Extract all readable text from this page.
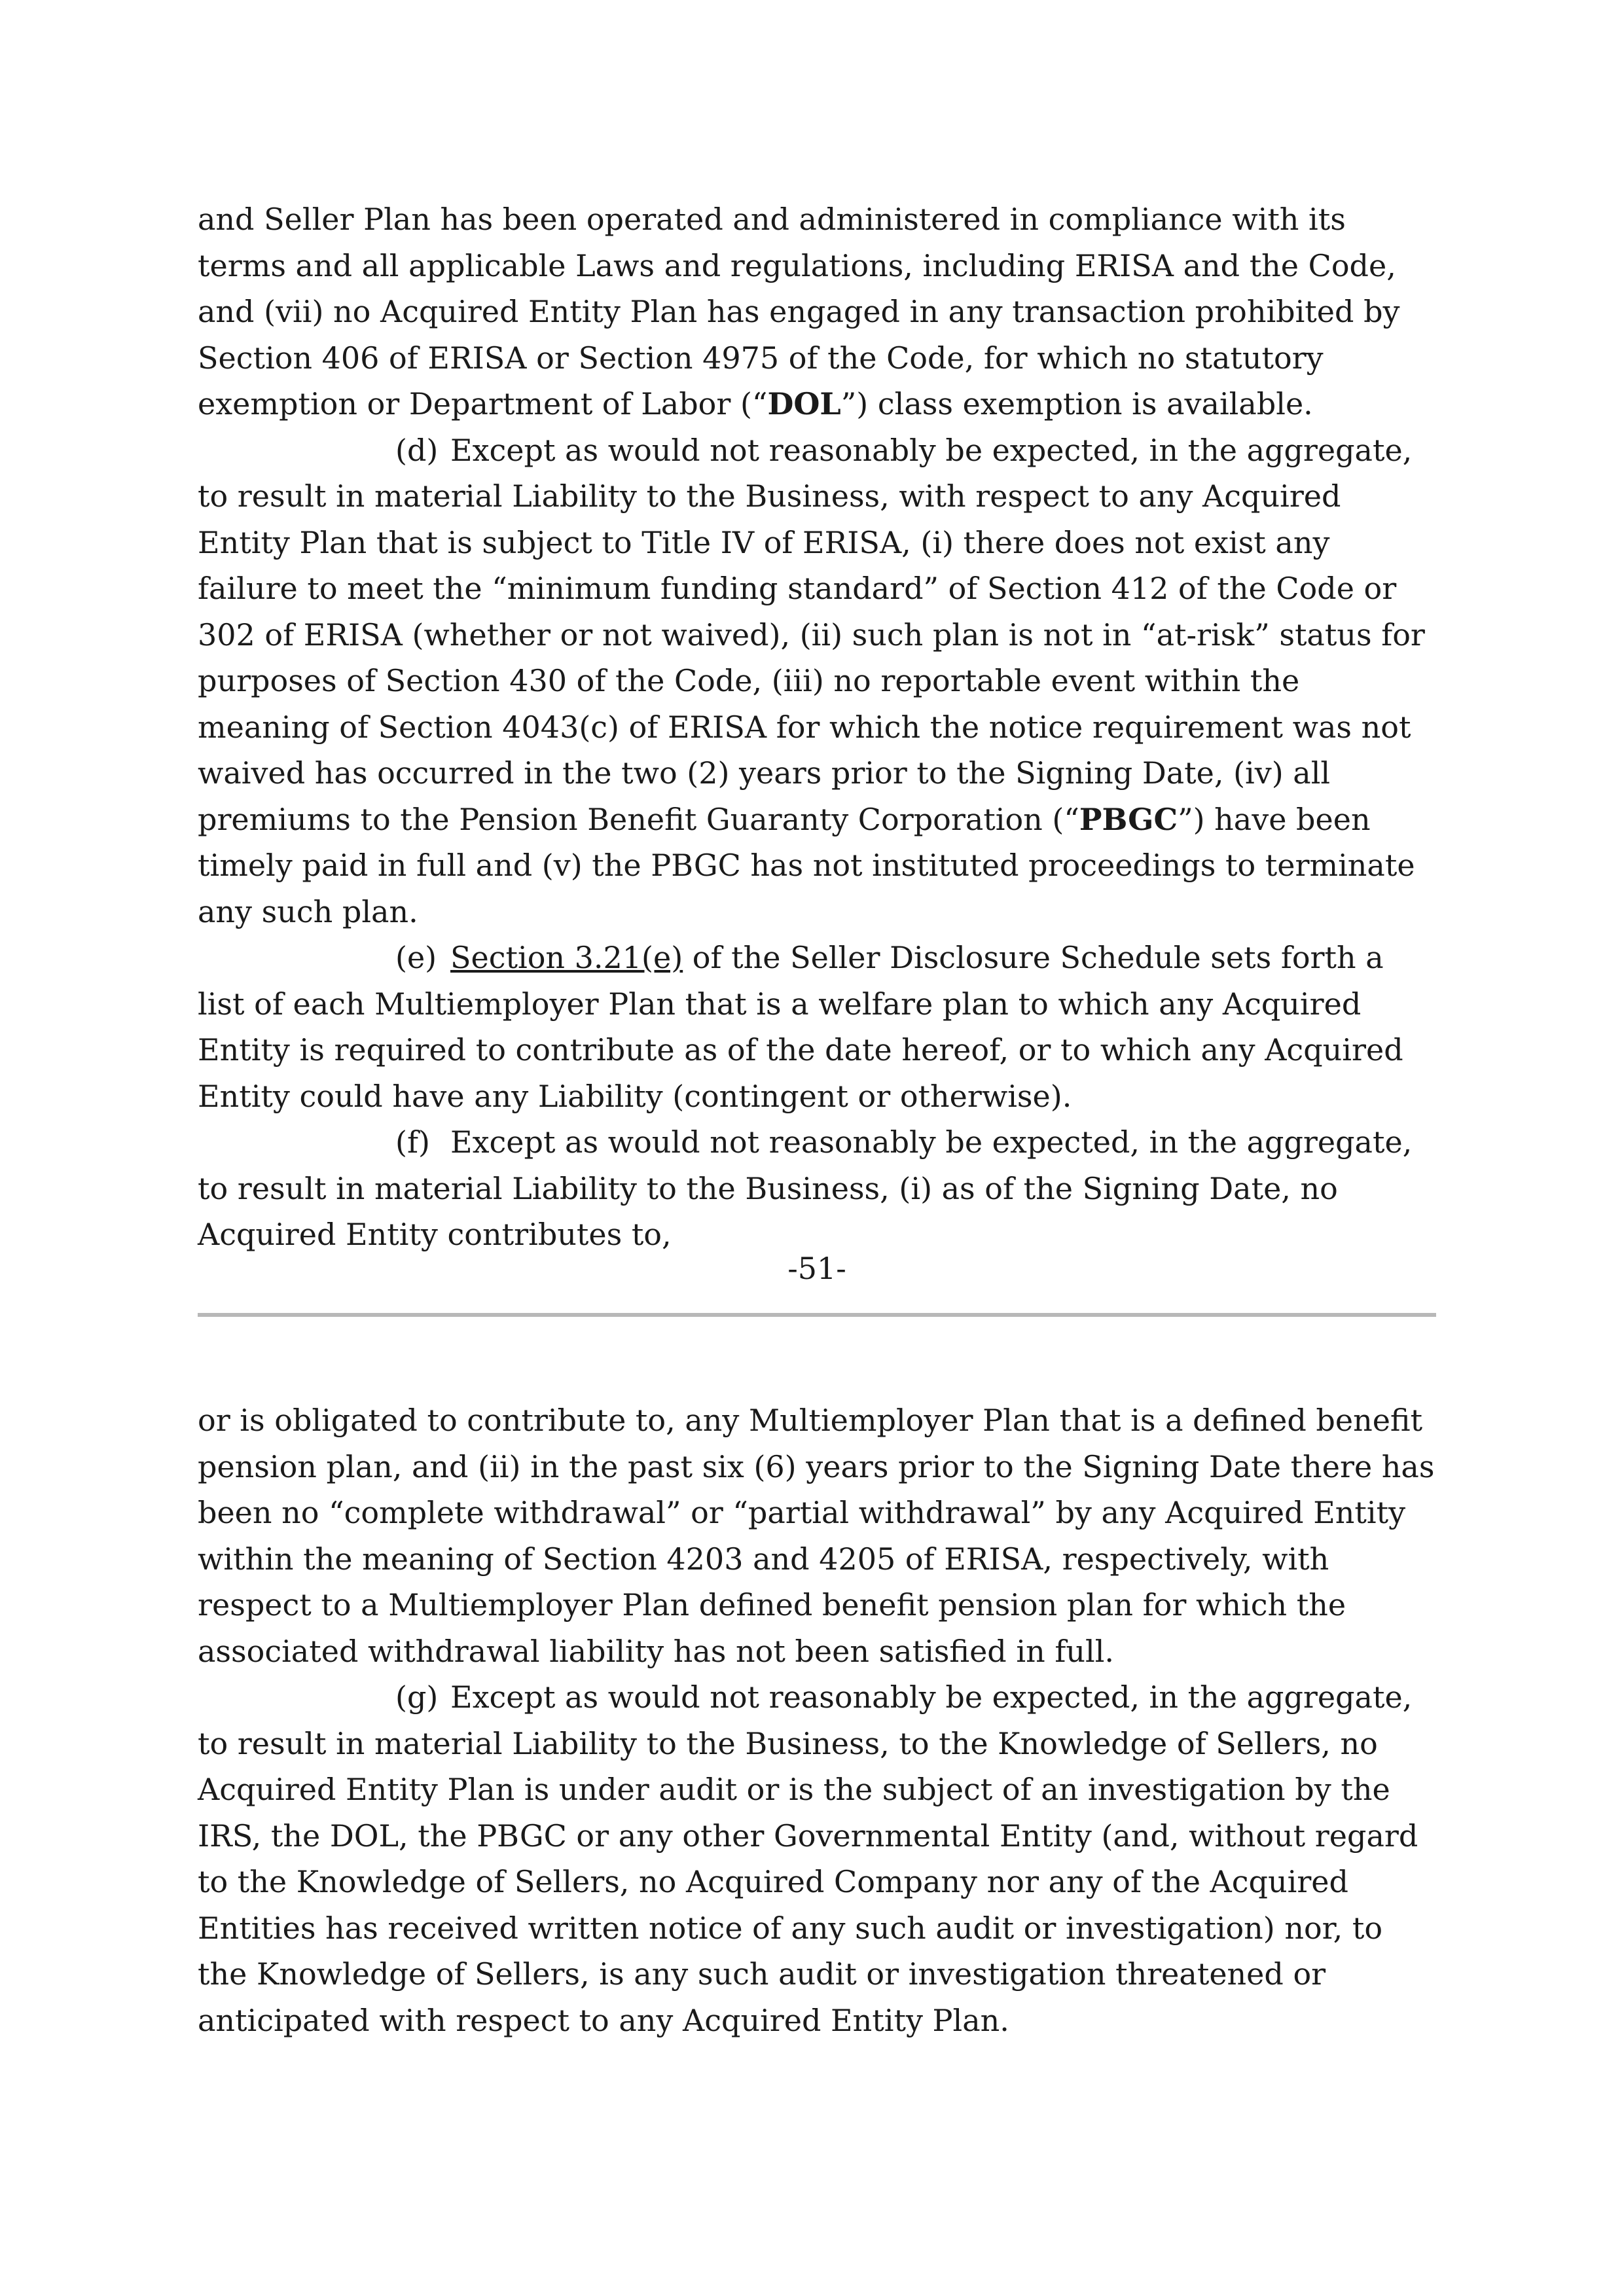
and Seller Plan has been operated and administered in compliance with its terms and all applicable Laws and regulations, including ERISA and the Code, and (vii) no Acquired Entity Plan has engaged in any transaction prohibited by Section 406 of ERISA or Section 4975 of the Code, for which no statutory exemption or Department of Labor (“DOL”) class exemption is available.

(d) Except as would not reasonably be expected, in the aggregate, to result in material Liability to the Business, with respect to any Acquired Entity Plan that is subject to Title IV of ERISA, (i) there does not exist any failure to meet the “minimum funding standard” of Section 412 of the Code or 302 of ERISA (whether or not waived), (ii) such plan is not in “at-risk” status for purposes of Section 430 of the Code, (iii) no reportable event within the meaning of Section 4043(c) of ERISA for which the notice requirement was not waived has occurred in the two (2) years prior to the Signing Date, (iv) all premiums to the Pension Benefit Guaranty Corporation (“PBGC”) have been timely paid in full and (v) the PBGC has not instituted proceedings to terminate any such plan.

(e) Section 3.21(e) of the Seller Disclosure Schedule sets forth a list of each Multiemployer Plan that is a welfare plan to which any Acquired Entity is required to contribute as of the date hereof, or to which any Acquired Entity could have any Liability (contingent or otherwise).

(f) Except as would not reasonably be expected, in the aggregate, to result in material Liability to the Business, (i) as of the Signing Date, no Acquired Entity contributes to,

-51-

or is obligated to contribute to, any Multiemployer Plan that is a defined benefit pension plan, and (ii) in the past six (6) years prior to the Signing Date there has been no “complete withdrawal” or “partial withdrawal” by any Acquired Entity within the meaning of Section 4203 and 4205 of ERISA, respectively, with respect to a Multiemployer Plan defined benefit pension plan for which the associated withdrawal liability has not been satisfied in full.

(g) Except as would not reasonably be expected, in the aggregate, to result in material Liability to the Business, to the Knowledge of Sellers, no Acquired Entity Plan is under audit or is the subject of an investigation by the IRS, the DOL, the PBGC or any other Governmental Entity (and, without regard to the Knowledge of Sellers, no Acquired Company nor any of the Acquired Entities has received written notice of any such audit or investigation) nor, to the Knowledge of Sellers, is any such audit or investigation threatened or anticipated with respect to any Acquired Entity Plan.
